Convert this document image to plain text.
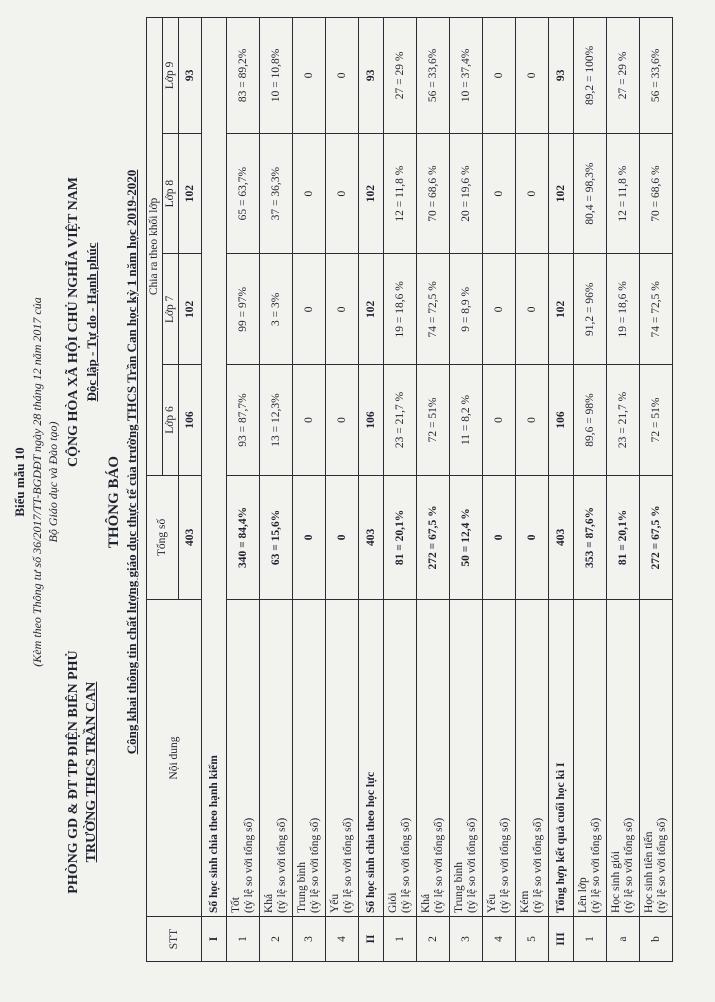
Biểu mẫu 10 (Kèm theo Thông tư số 36/2017/TT-BGDĐT ngày 28 tháng 12 năm 2017 của Bộ Giáo dục và Đào tạo)
PHÒNG GD & ĐT TP ĐIỆN BIÊN PHỦ TRƯỜNG THCS TRẦN CAN
CỘNG HÒA XÃ HỘI CHỦ NGHĨA VIỆT NAM Độc lập - Tự do - Hạnh phúc
THÔNG BÁO Công khai thông tin chất lượng giáo dục thực tế của trường THCS Trần Can học kỳ 1 năm học 2019-2020
STT	Nội dung	Tổng số	Chia ra theo khối lớp			
			Lớp 6	Lớp 7	Lớp 8	Lớp 9
		403	106	102	102	93
I	Số học sinh chia theo hạnh kiểm					
1	Tốt (tỷ lệ so với tổng số)	340 = 84,4%	93 = 87,7%	99 = 97%	65 = 63,7%	83 = 89,2%
2	Khá (tỷ lệ so với tổng số)	63 = 15,6%	13 = 12,3%	3 = 3%	37 = 36,3%	10 = 10,8%
3	Trung bình (tỷ lệ so với tổng số)	0	0	0	0	0
4	Yếu (tỷ lệ so với tổng số)	0	0	0	0	0
II	Số học sinh chia theo học lực	403	106	102	102	93
1	Giỏi (tỷ lệ so với tổng số)	81 = 20,1%	23 = 21,7 %	19 = 18,6 %	12 = 11,8 %	27 = 29 %
2	Khá (tỷ lệ so với tổng số)	272 = 67,5 %	72 = 51%	74 = 72,5 %	70 = 68,6 %	56 = 33,6%
3	Trung bình (tỷ lệ so với tổng số)	50 = 12,4 %	11 = 8,2 %	9 = 8,9 %	20 = 19,6 %	10 = 37,4%
4	Yếu (tỷ lệ so với tổng số)	0	0	0	0	0
5	Kém (tỷ lệ so với tổng số)	0	0	0	0	0
III	Tổng hợp kết quả cuối học kì I	403	106	102	102	93
1	Lên lớp (tỷ lệ so với tổng số)	353 = 87,6%	89,6 = 98%	91,2 = 96%	80,4 = 98,3%	89,2 = 100%
a	Học sinh giỏi (tỷ lệ so với tổng số)	81 = 20,1%	23 = 21,7 %	19 = 18,6 %	12 = 11,8 %	27 = 29 %
b	Học sinh tiên tiến (tỷ lệ so với tổng số)	272 = 67,5 %	72 = 51%	74 = 72,5 %	70 = 68,6 %	56 = 33,6%
